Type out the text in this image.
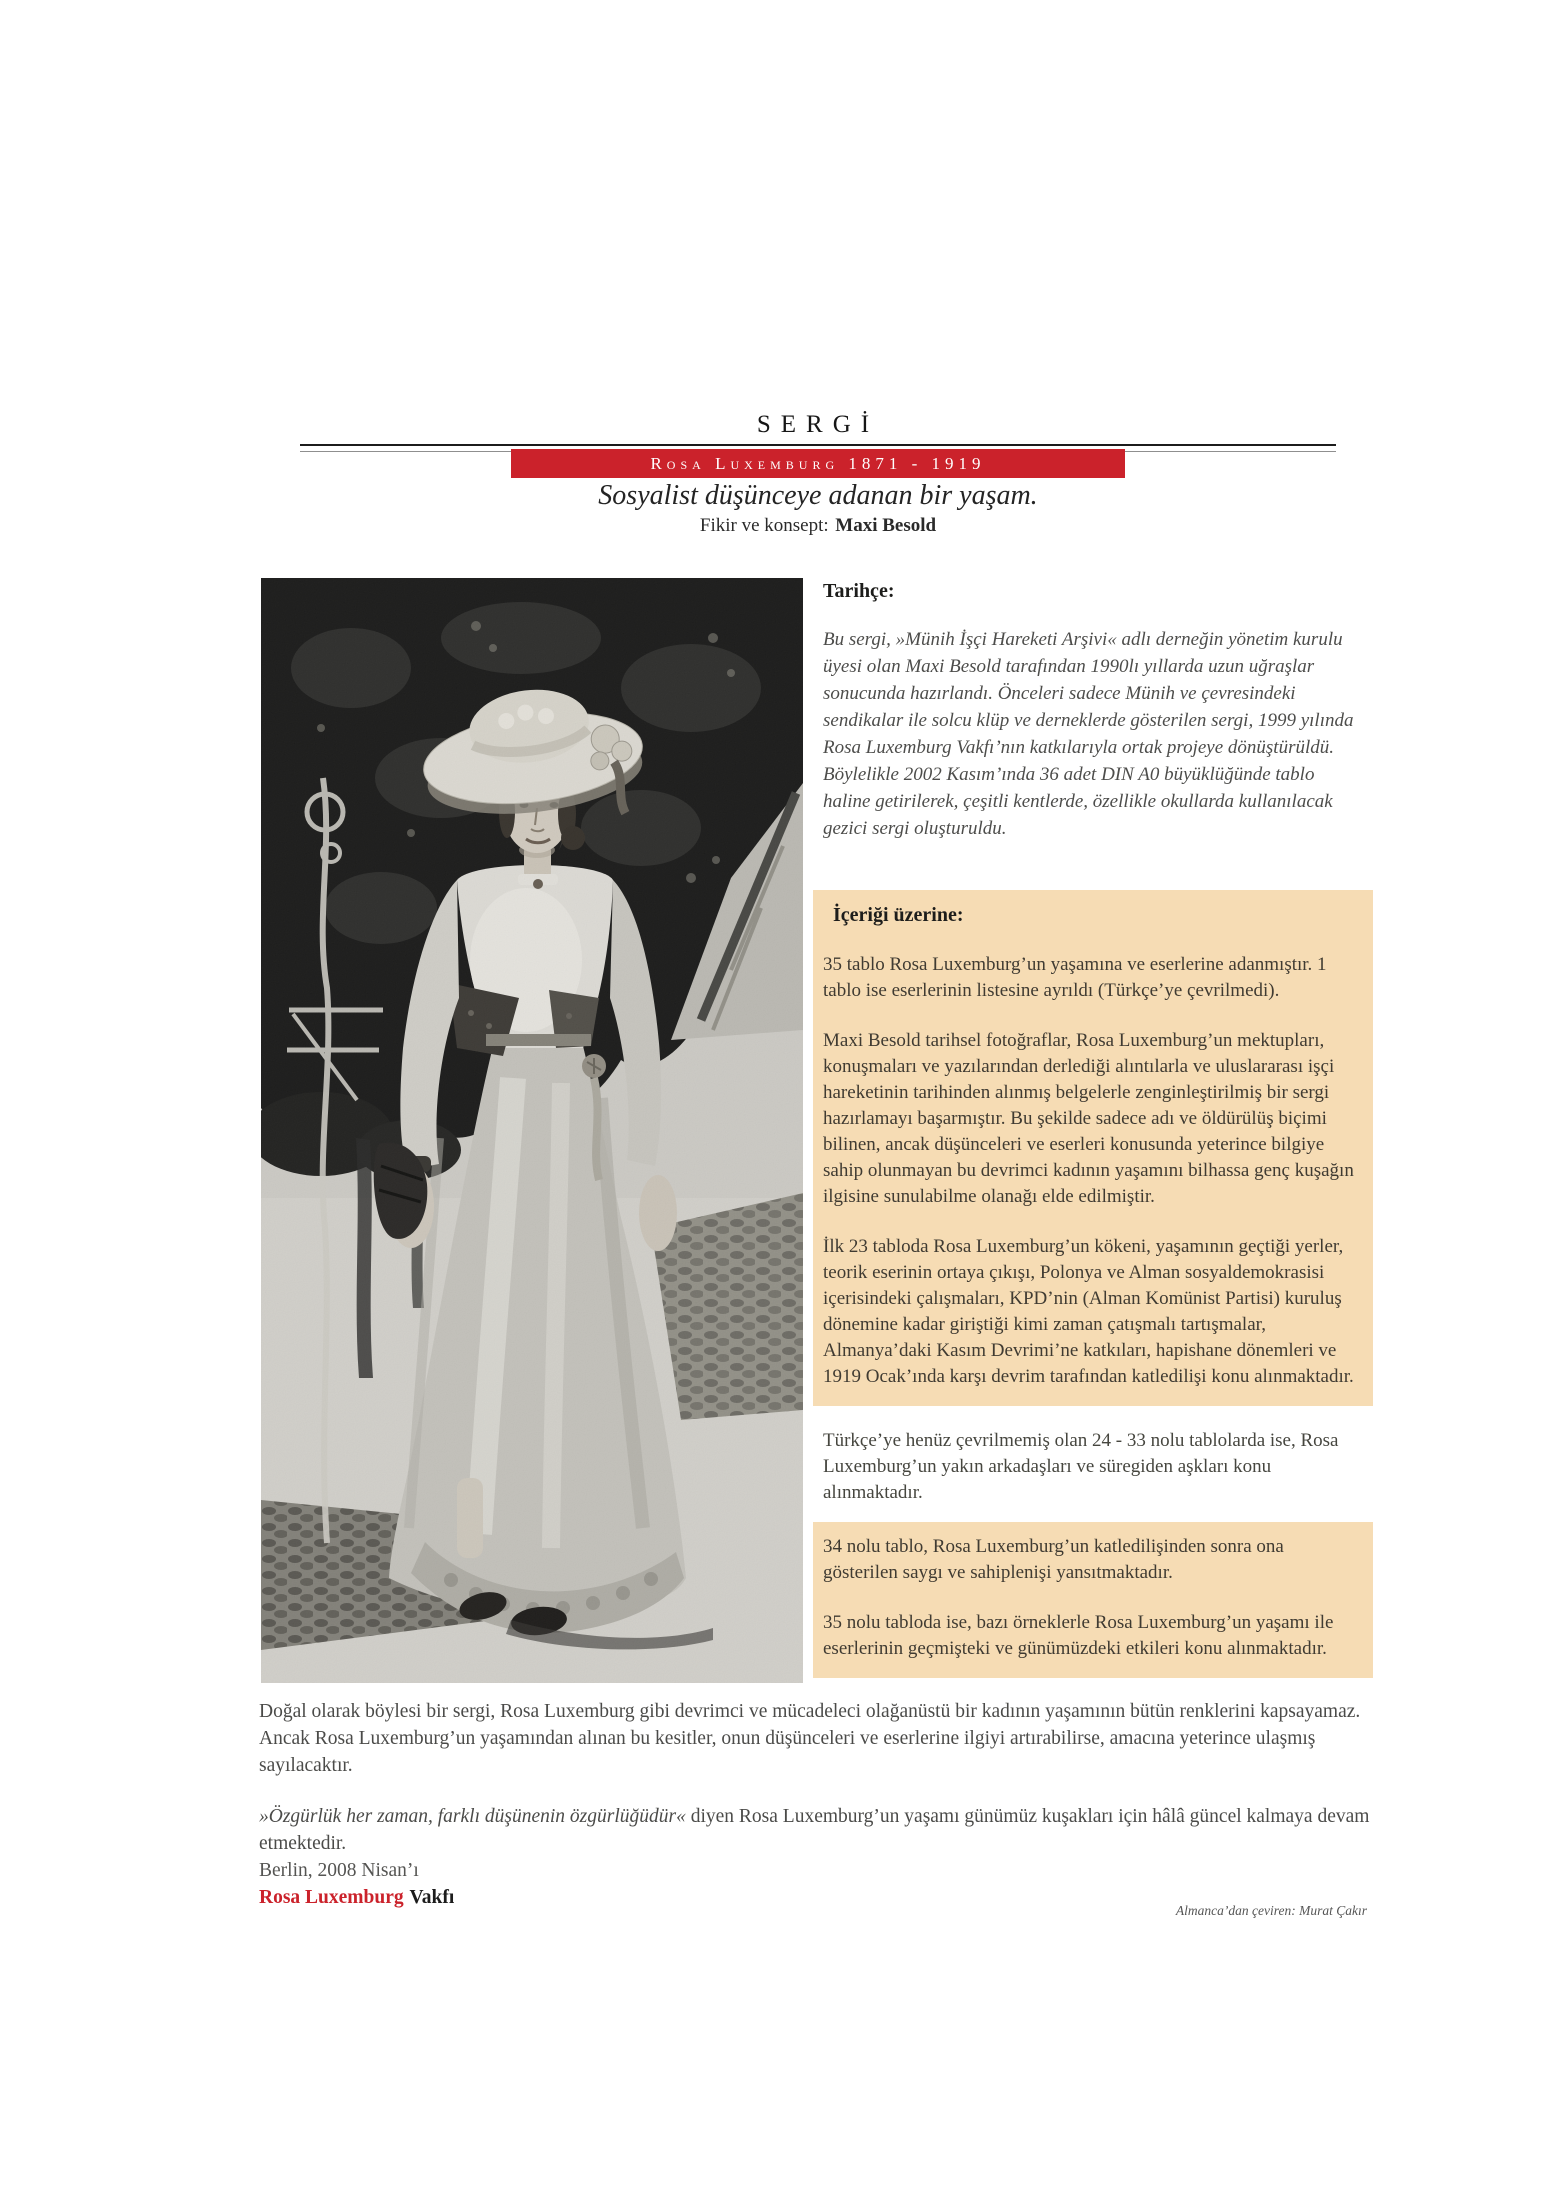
SERGİ
Rosa Luxemburg 1871 - 1919
Sosyalist düşünceye adanan bir yaşam.
Fikir ve konsept: Maxi Besold
Tarihçe:

Bu sergi, »Münih İşçi Hareketi Arşivi« adlı derneğin yönetim kurulu üyesi olan Maxi Besold tarafından 1990lı yıllarda uzun uğraşlar sonucunda hazırlandı. Önceleri sadece Münih ve çevresindeki sendikalar ile solcu klüp ve derneklerde gösterilen sergi, 1999 yılında Rosa Luxemburg Vakfı’nın katkılarıyla ortak projeye dönüştürüldü. Böylelikle 2002 Kasım’ında 36 adet DIN A0 büyüklüğünde tablo haline getirilerek, çeşitli kentlerde, özellikle okullarda kullanılacak gezici sergi oluşturuldu.

İçeriği üzerine:

35 tablo Rosa Luxemburg’un yaşamına ve eserlerine adanmıştır. 1 tablo ise eserlerinin listesine ayrıldı (Türkçe’ye çevrilmedi).

Maxi Besold tarihsel fotoğraflar, Rosa Luxemburg’un mektupları, konuşmaları ve yazılarından derlediği alıntılarla ve uluslararası işçi hareketinin tarihinden alınmış belgelerle zenginleştirilmiş bir sergi hazırlamayı başarmıştır. Bu şekilde sadece adı ve öldürülüş biçimi bilinen, ancak düşünceleri ve eserleri konusunda yeterince bilgiye sahip olunmayan bu devrimci kadının yaşamını bilhassa genç kuşağın ilgisine sunulabilme olanağı elde edilmiştir.

İlk 23 tabloda Rosa Luxemburg’un kökeni, yaşamının geçtiği yerler, teorik eserinin ortaya çıkışı, Polonya ve Alman sosyaldemokrasisi içerisindeki çalışmaları, KPD’nin (Alman Komünist Partisi) kuruluş dönemine kadar giriştiği kimi zaman çatışmalı tartışmalar, Almanya’daki Kasım Devrimi’ne katkıları, hapishane dönemleri ve 1919 Ocak’ında karşı devrim tarafından katledilişi konu alınmaktadır.

Türkçe’ye henüz çevrilmemiş olan 24 - 33 nolu tablolarda ise, Rosa Luxemburg’un yakın arkadaşları ve süregiden aşkları konu alınmaktadır.

34 nolu tablo, Rosa Luxemburg’un katledilişinden sonra ona gösterilen saygı ve sahiplenişi yansıtmaktadır.

35 nolu tabloda ise, bazı örneklerle Rosa Luxemburg’un yaşamı ile eserlerinin geçmişteki ve günümüzdeki etkileri konu alınmaktadır.

Doğal olarak böylesi bir sergi, Rosa Luxemburg gibi devrimci ve mücadeleci olağanüstü bir kadının yaşamının bütün renklerini kapsayamaz. Ancak Rosa Luxemburg’un yaşamından alınan bu kesitler, onun düşünceleri ve eserlerine ilgiyi artırabilirse, amacına yeterince ulaşmış sayılacaktır.

»Özgürlük her zaman, farklı düşünenin özgürlüğüdür« diyen Rosa Luxemburg’un yaşamı günümüz kuşakları için hâlâ güncel kalmaya devam etmektedir.

Berlin, 2008 Nisan’ı

Rosa Luxemburg Vakfı

Almanca’dan çeviren: Murat Çakır
